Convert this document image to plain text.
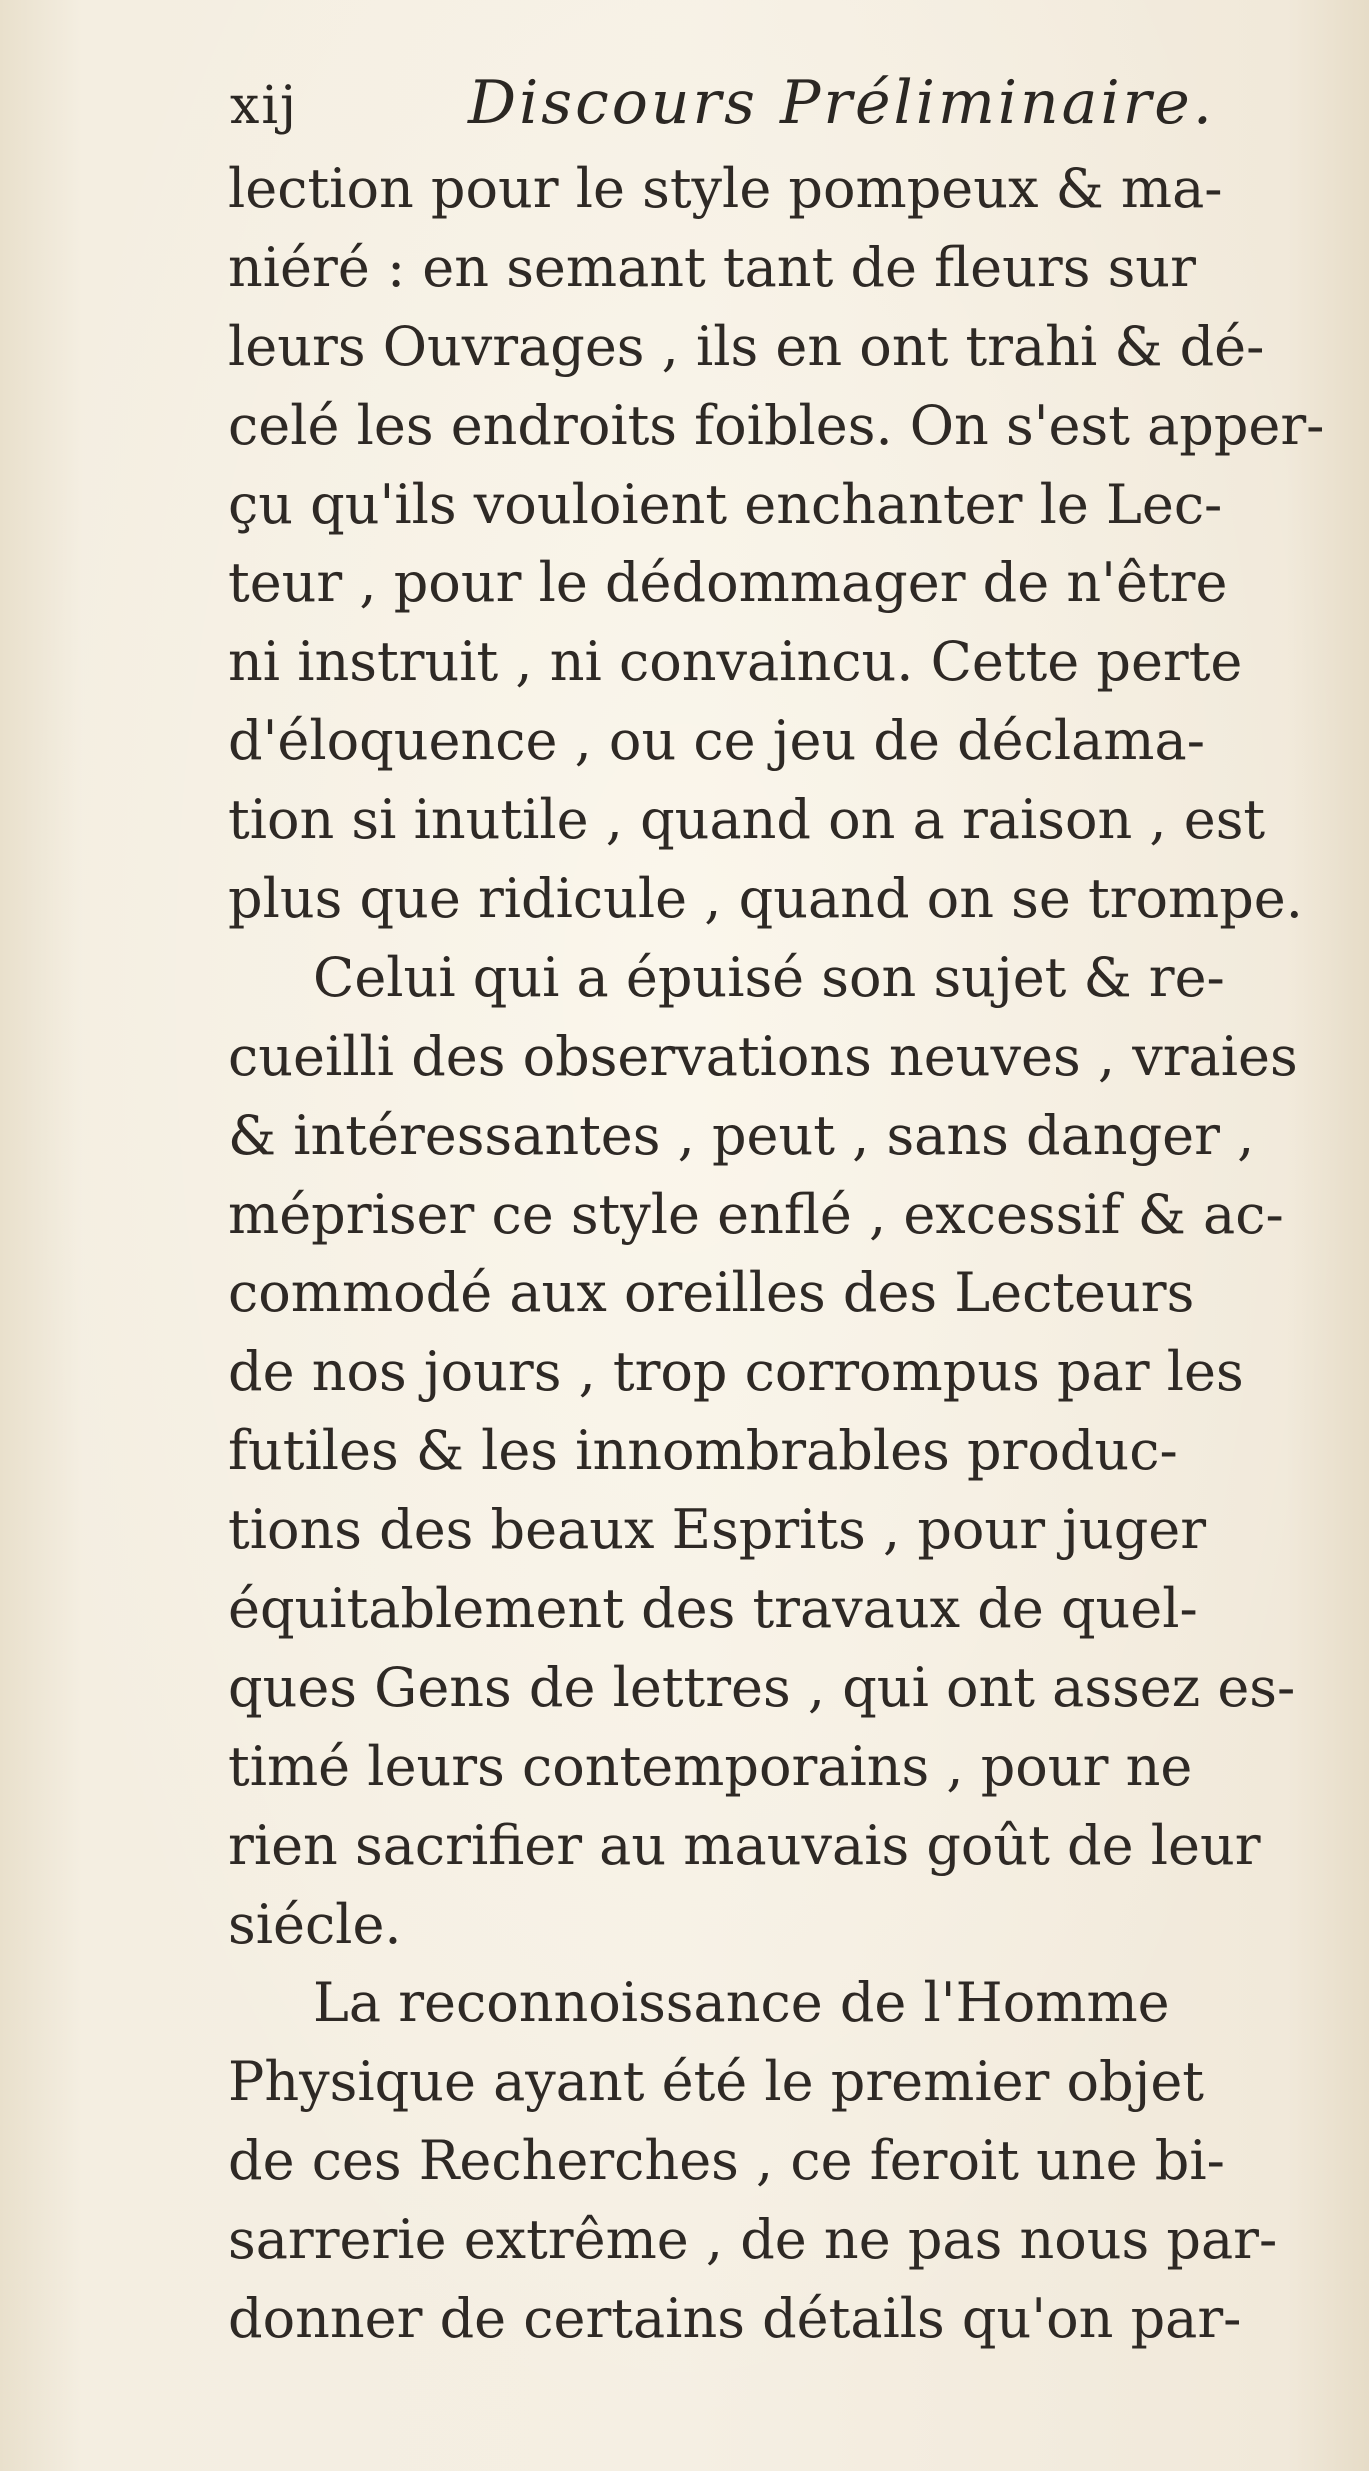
xij	Discours Préliminaire.
lection pour le style pompeux & ma-
niéré : en semant tant de fleurs sur
leurs Ouvrages , ils en ont trahi & dé-
celé les endroits foibles. On s'est apper-
çu qu'ils vouloient enchanter le Lec-
teur , pour le dédommager de n'être
ni instruit , ni convaincu. Cette perte
d'éloquence , ou ce jeu de déclama-
tion si inutile , quand on a raison , est
plus que ridicule , quand on se trompe.
Celui qui a épuisé son sujet & re-
cueilli des observations neuves , vraies
& intéressantes , peut , sans danger ,
mépriser ce style enflé , excessif & ac-
commodé aux oreilles des Lecteurs
de nos jours , trop corrompus par les
futiles & les innombrables produc-
tions des beaux Esprits , pour juger
équitablement des travaux de quel-
ques Gens de lettres , qui ont assez es-
timé leurs contemporains , pour ne
rien sacrifier au mauvais goût de leur
siécle.
La reconnoissance de l'Homme
Physique ayant été le premier objet
de ces Recherches , ce feroit une bi-
sarrerie extrême , de ne pas nous par-
donner de certains détails qu'on par-
